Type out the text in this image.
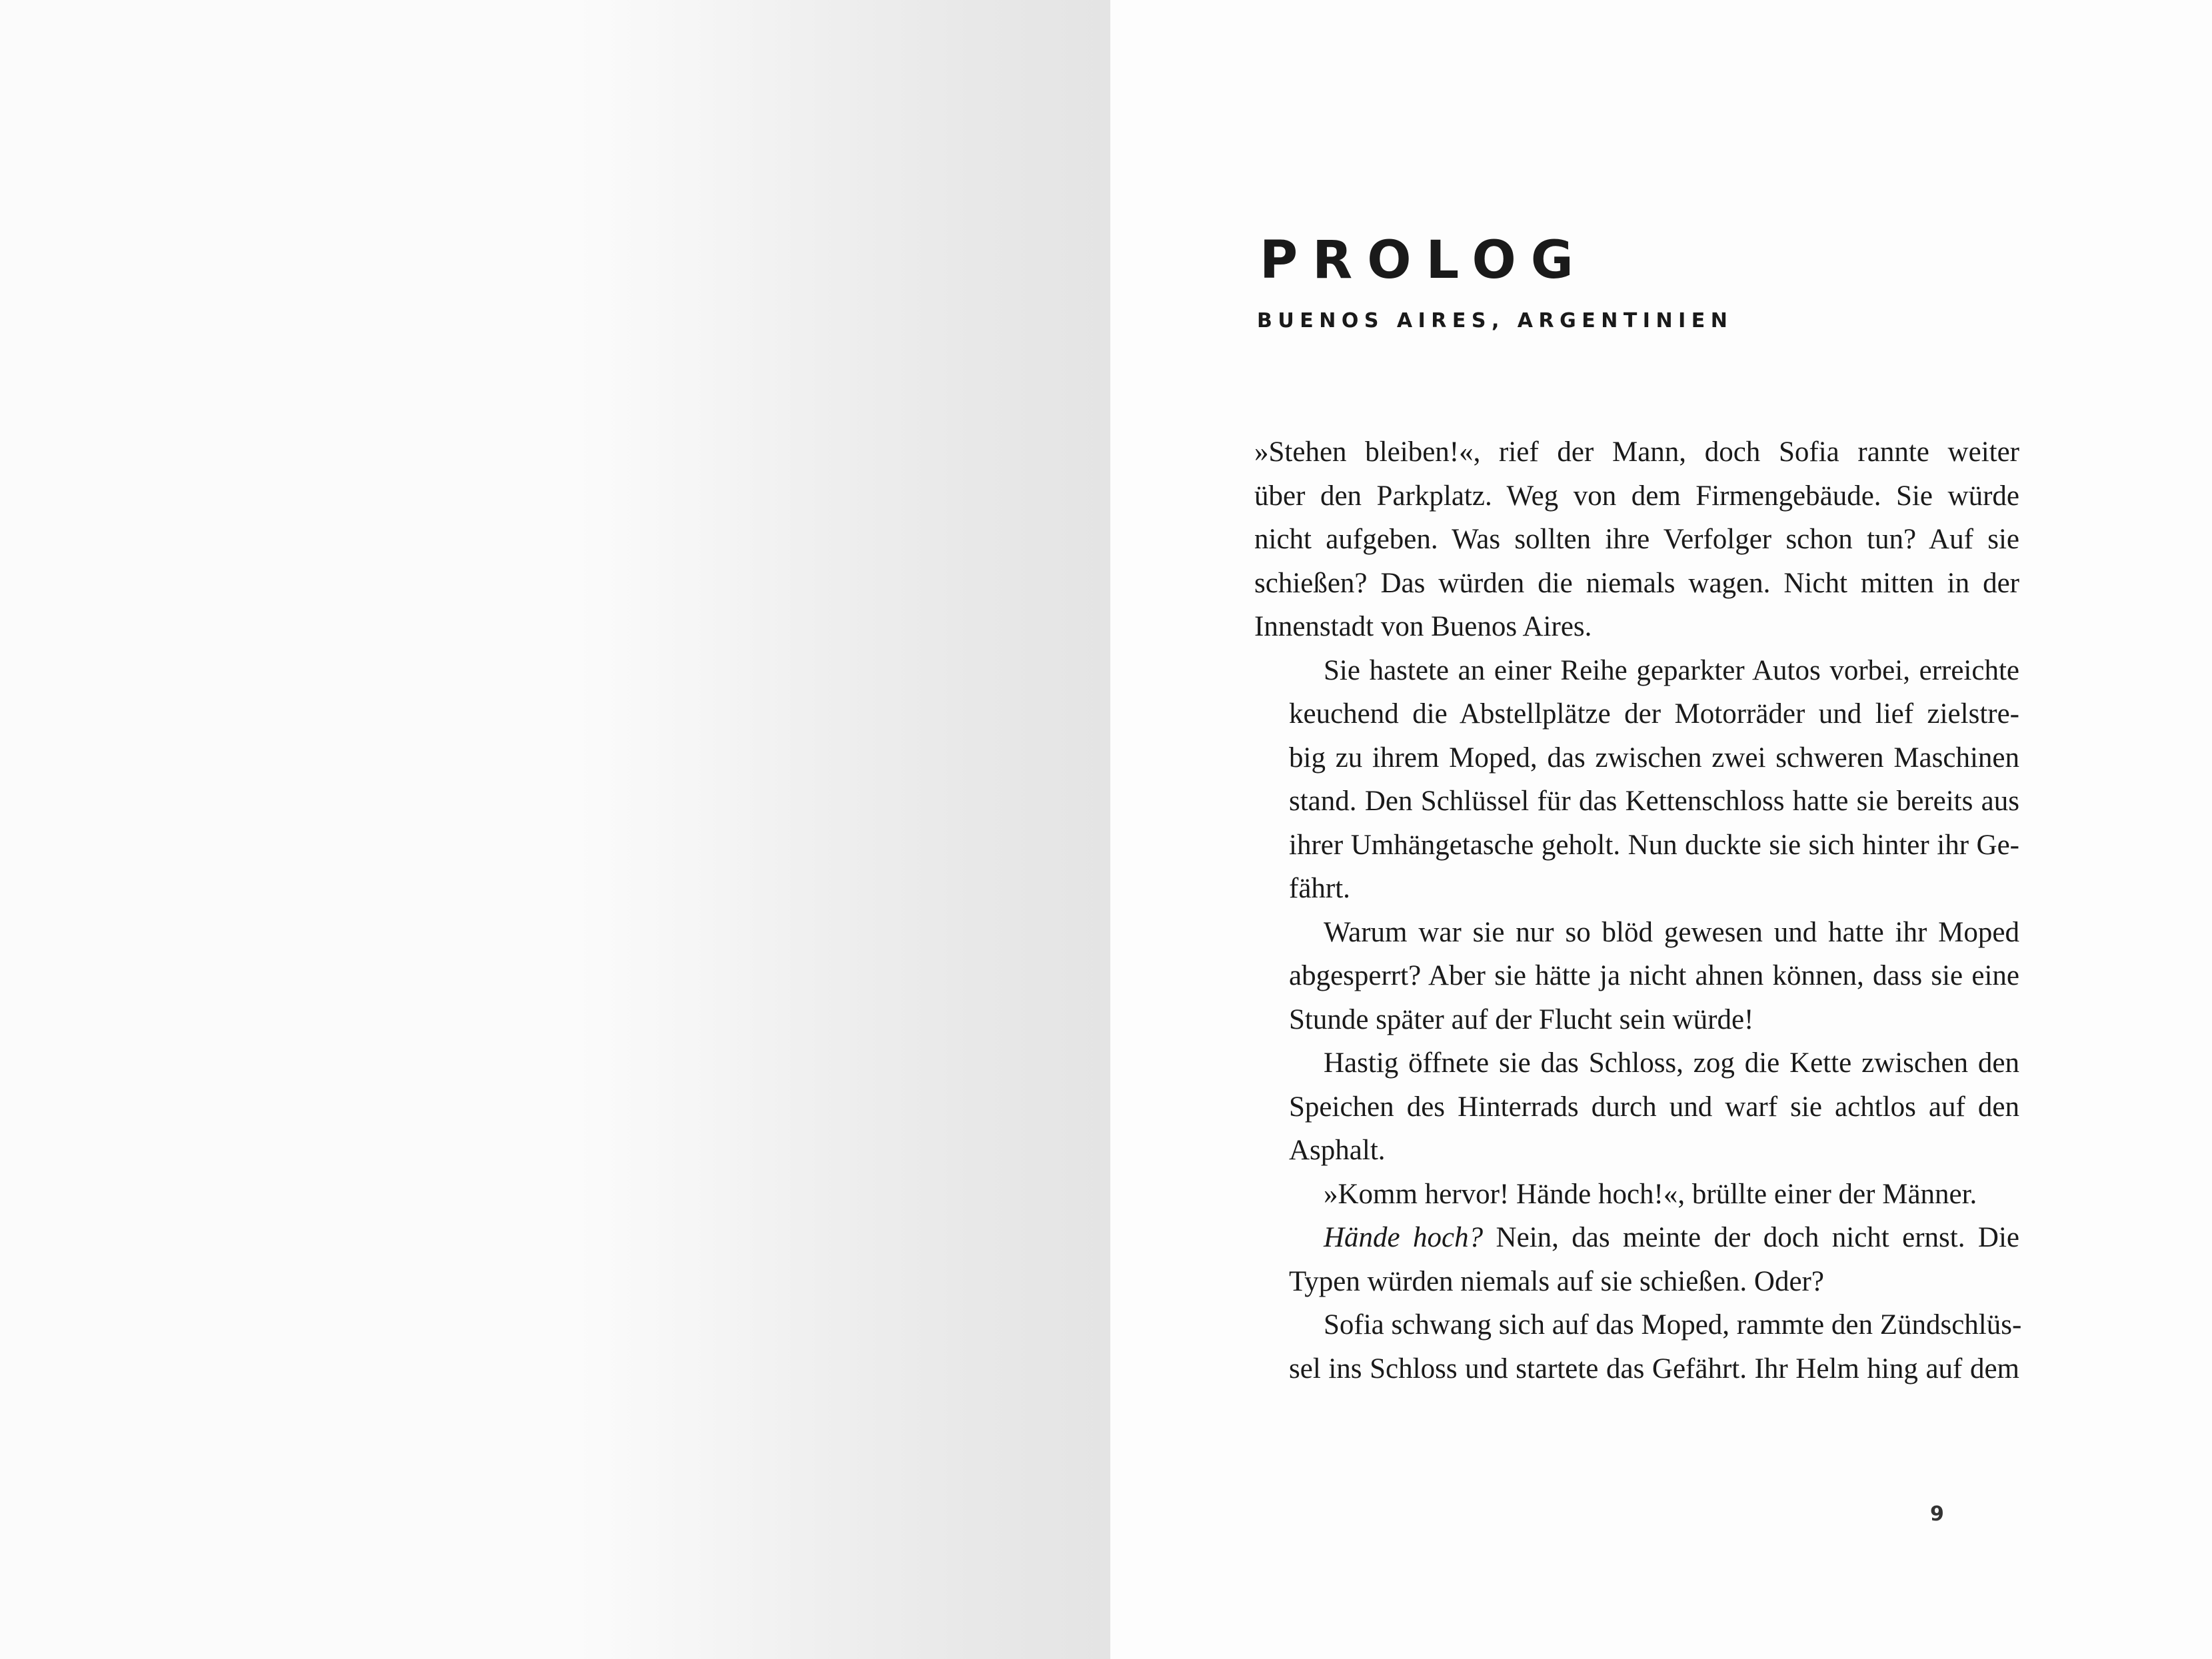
PROLOG
BUENOS AIRES, ARGENTINIEN

»Stehen bleiben!«, rief der Mann, doch Sofia rannte weiter
über den Parkplatz. Weg von dem Firmengebäude. Sie würde
nicht aufgeben. Was sollten ihre Verfolger schon tun? Auf sie
schießen? Das würden die niemals wagen. Nicht mitten in der
Innenstadt von Buenos Aires.

Sie hastete an einer Reihe geparkter Autos vorbei, erreichte
keuchend die Abstellplätze der Motorräder und lief zielstre-
big zu ihrem Moped, das zwischen zwei schweren Maschinen
stand. Den Schlüssel für das Kettenschloss hatte sie bereits aus
ihrer Umhängetasche geholt. Nun duckte sie sich hinter ihr Ge-
fährt.

Warum war sie nur so blöd gewesen und hatte ihr Moped
abgesperrt? Aber sie hätte ja nicht ahnen können, dass sie eine
Stunde später auf der Flucht sein würde!

Hastig öffnete sie das Schloss, zog die Kette zwischen den
Speichen des Hinterrads durch und warf sie achtlos auf den
Asphalt.

»Komm hervor! Hände hoch!«, brüllte einer der Männer.

Hände hoch? Nein, das meinte der doch nicht ernst. Die
Typen würden niemals auf sie schießen. Oder?

Sofia schwang sich auf das Moped, rammte den Zündschlüs-
sel ins Schloss und startete das Gefährt. Ihr Helm hing auf dem

9
